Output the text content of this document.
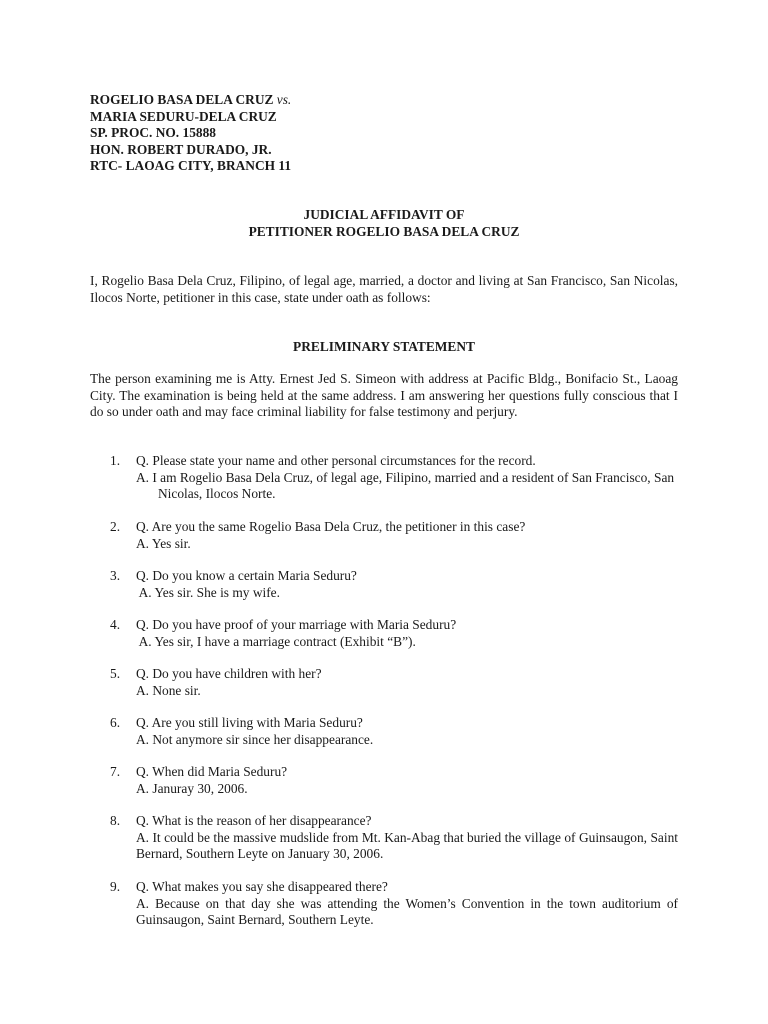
ROGELIO BASA DELA CRUZ vs.
MARIA SEDURU-DELA CRUZ
SP. PROC. NO. 15888
HON. ROBERT DURADO, JR.
RTC- LAOAG CITY, BRANCH 11
JUDICIAL AFFIDAVIT OF
PETITIONER ROGELIO BASA DELA CRUZ
I, Rogelio Basa Dela Cruz, Filipino, of legal age, married, a doctor and living at San Francisco, San Nicolas, Ilocos Norte, petitioner in this case, state under oath as follows:
PRELIMINARY STATEMENT
The person examining me is Atty. Ernest Jed S. Simeon with address at Pacific Bldg., Bonifacio St., Laoag City. The examination is being held at the same address. I am answering her questions fully conscious that I do so under oath and may face criminal liability for false testimony and perjury.
1. Q. Please state your name and other personal circumstances for the record.

A. I am Rogelio Basa Dela Cruz, of legal age, Filipino, married and a resident of San Francisco, San Nicolas, Ilocos Norte.

2. Q. Are you the same Rogelio Basa Dela Cruz, the petitioner in this case?

A. Yes sir.

3. Q. Do you know a certain Maria Seduru?

A. Yes sir. She is my wife.

4. Q. Do you have proof of your marriage with Maria Seduru?

A. Yes sir, I have a marriage contract (Exhibit “B”).

5. Q. Do you have children with her?

A. None sir.

6. Q. Are you still living with Maria Seduru?

A. Not anymore sir since her disappearance.

7. Q. When did Maria Seduru?

A. Januray 30, 2006.

8. Q. What is the reason of her disappearance?

A. It could be the massive mudslide from Mt. Kan-Abag that buried the village of Guinsaugon, Saint Bernard, Southern Leyte on January 30, 2006.

9. Q. What makes you say she disappeared there?

A. Because on that day she was attending the Women’s Convention in the town auditorium of Guinsaugon, Saint Bernard, Southern Leyte.
